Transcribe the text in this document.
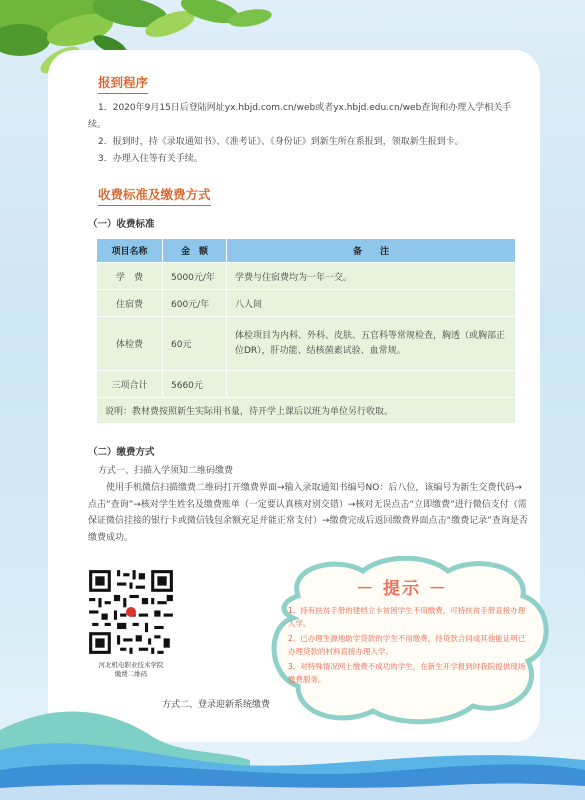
报到程序

1．2020年9月15日后登陆网址yx.hbjd.com.cn/web或者yx.hbjd.edu.cn/web查询和办理入学相关手续。

2．报到时，持《录取通知书》、《准考证》、《身份证》到新生所在系报到，领取新生报到卡。

3．办理入住等有关手续。

收费标准及缴费方式
（一）收费标准
项目名称	金　额	备　　注
学　费	5000元/年	学费与住宿费均为一年一交。
住宿费	600元/年	八人间
体检费	60元	体检项目为内科、外科、皮肤、五官科等常规检查，胸透（或胸部正位DR），肝功能、结核菌素试验、血常规。
三项合计	5660元	
说明：教材费按照新生实际用书量，待开学上课后以班为单位另行收取。		
（二）缴费方式

方式一、扫描入学须知二维码缴费

使用手机微信扫描缴费二维码打开缴费界面→输入录取通知书编号NO：后八位，该编号为新生交费代码→点击“查询”→核对学生姓名及缴费账单（一定要认真核对别交错）→核对无误点击“立即缴费”进行微信支付（需保证微信挂接的银行卡或微信钱包余额充足并能正常支付）→缴费完成后返回缴费界面点击“缴费记录”查询是否缴费成功。

河北机电职业技术学院
缴费二维码
方式二、登录迎新系统缴费
－ 提示 －

1、持有扶贫手册的建档立卡贫困学生不用缴费，可持扶贫手册直接办理入学。

2、已办理生源地助学贷款的学生不用缴费，持贷款合同或其他能证明已办理贷款的材料直接办理入学。

3、对特殊情况网上缴费不成功的学生，在新生开学报到时我院提供现场缴费服务。
